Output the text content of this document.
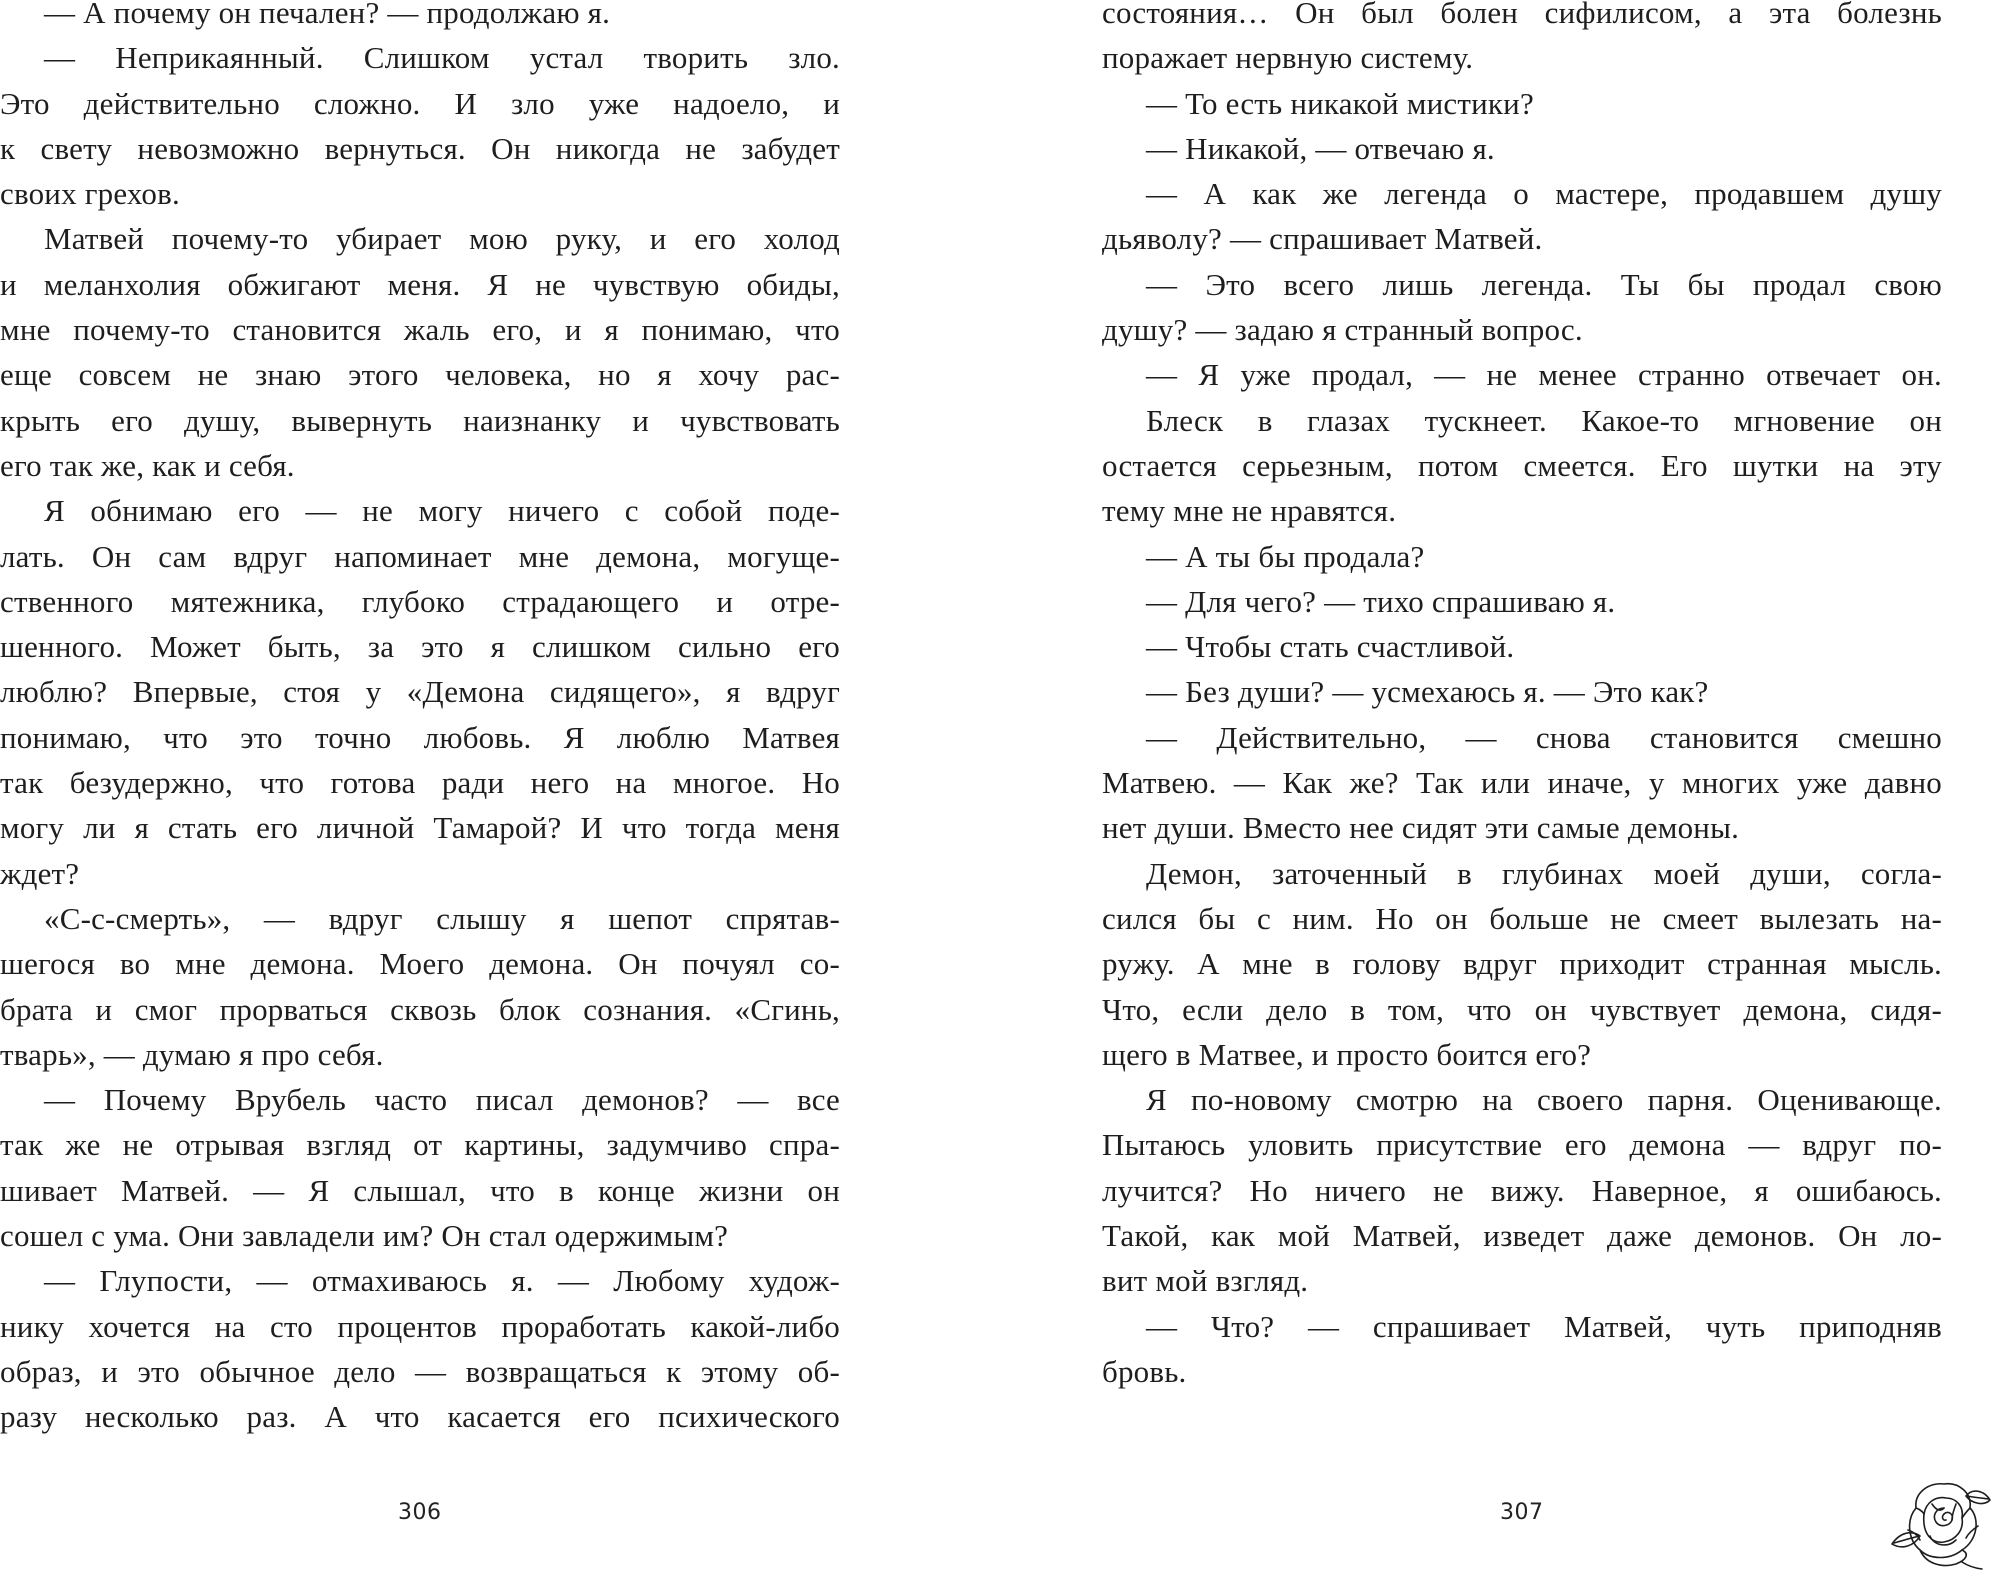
— А почему он печален? — продолжаю я.
— Неприкаянный. Слишком устал творить зло.
Это действительно сложно. И зло уже надоело, и
к свету невозможно вернуться. Он никогда не забудет
своих грехов.
Матвей почему-то убирает мою руку, и его холод
и меланхолия обжигают меня. Я не чувствую обиды,
мне почему-то становится жаль его, и я понимаю, что
еще совсем не знаю этого человека, но я хочу рас-
крыть его душу, вывернуть наизнанку и чувствовать
его так же, как и себя.
Я обнимаю его — не могу ничего с собой поде-
лать. Он сам вдруг напоминает мне демона, могуще-
ственного мятежника, глубоко страдающего и отре-
шенного. Может быть, за это я слишком сильно его
люблю? Впервые, стоя у «Демона сидящего», я вдруг
понимаю, что это точно любовь. Я люблю Матвея
так безудержно, что готова ради него на многое. Но
могу ли я стать его личной Тамарой? И что тогда меня
ждет?
«С-с-смерть», — вдруг слышу я шепот спрятав-
шегося во мне демона. Моего демона. Он почуял со-
брата и смог прорваться сквозь блок сознания. «Сгинь,
тварь», — думаю я про себя.
— Почему Врубель часто писал демонов? — все
так же не отрывая взгляд от картины, задумчиво спра-
шивает Матвей. — Я слышал, что в конце жизни он
сошел с ума. Они завладели им? Он стал одержимым?
— Глупости, — отмахиваюсь я. — Любому худож-
нику хочется на сто процентов проработать какой-либо
образ, и это обычное дело — возвращаться к этому об-
разу несколько раз. А что касается его психического
306
состояния… Он был болен сифилисом, а эта болезнь
поражает нервную систему.
— То есть никакой мистики?
— Никакой, — отвечаю я.
— А как же легенда о мастере, продавшем душу
дьяволу? — спрашивает Матвей.
— Это всего лишь легенда. Ты бы продал свою
душу? — задаю я странный вопрос.
— Я уже продал, — не менее странно отвечает он.
Блеск в глазах тускнеет. Какое-то мгновение он
остается серьезным, потом смеется. Его шутки на эту
тему мне не нравятся.
— А ты бы продала?
— Для чего? — тихо спрашиваю я.
— Чтобы стать счастливой.
— Без души? — усмехаюсь я. — Это как?
— Действительно, — снова становится смешно
Матвею. — Как же? Так или иначе, у многих уже давно
нет души. Вместо нее сидят эти самые демоны.
Демон, заточенный в глубинах моей души, согла-
сился бы с ним. Но он больше не смеет вылезать на-
ружу. А мне в голову вдруг приходит странная мысль.
Что, если дело в том, что он чувствует демона, сидя-
щего в Матвее, и просто боится его?
Я по-новому смотрю на своего парня. Оценивающе.
Пытаюсь уловить присутствие его демона — вдруг по-
лучится? Но ничего не вижу. Наверное, я ошибаюсь.
Такой, как мой Матвей, изведет даже демонов. Он ло-
вит мой взгляд.
— Что? — спрашивает Матвей, чуть приподняв
бровь.
307
